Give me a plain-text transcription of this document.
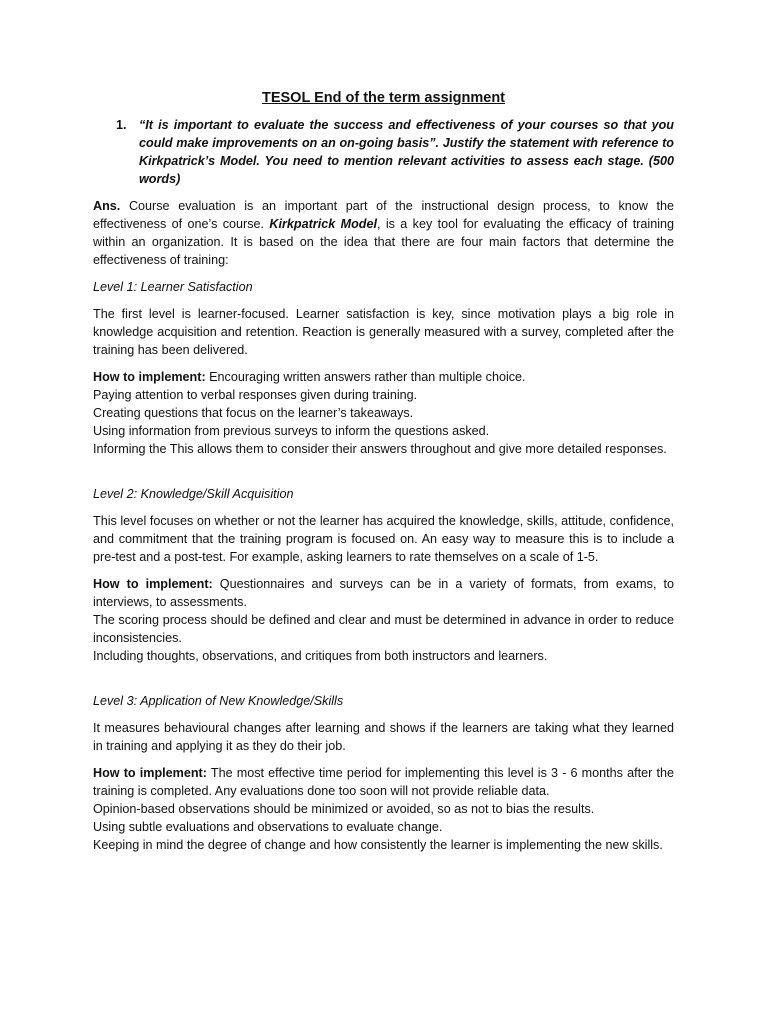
TESOL End of the term assignment
1. “It is important to evaluate the success and effectiveness of your courses so that you could make improvements on an on-going basis”. Justify the statement with reference to Kirkpatrick’s Model. You need to mention relevant activities to assess each stage. (500 words)

Ans. Course evaluation is an important part of the instructional design process, to know the effectiveness of one’s course. Kirkpatrick Model, is a key tool for evaluating the efficacy of training within an organization. It is based on the idea that there are four main factors that determine the effectiveness of training:

Level 1: Learner Satisfaction

The first level is learner-focused. Learner satisfaction is key, since motivation plays a big role in knowledge acquisition and retention. Reaction is generally measured with a survey, completed after the training has been delivered.

How to implement: Encouraging written answers rather than multiple choice.

Paying attention to verbal responses given during training.

Creating questions that focus on the learner’s takeaways.

Using information from previous surveys to inform the questions asked.

Informing the This allows them to consider their answers throughout and give more detailed responses.

Level 2: Knowledge/Skill Acquisition

This level focuses on whether or not the learner has acquired the knowledge, skills, attitude, confidence, and commitment that the training program is focused on. An easy way to measure this is to include a pre-test and a post-test. For example, asking learners to rate themselves on a scale of 1-5.

How to implement: Questionnaires and surveys can be in a variety of formats, from exams, to interviews, to assessments.

The scoring process should be defined and clear and must be determined in advance in order to reduce inconsistencies.

Including thoughts, observations, and critiques from both instructors and learners.

Level 3: Application of New Knowledge/Skills

It measures behavioural changes after learning and shows if the learners are taking what they learned in training and applying it as they do their job.

How to implement: The most effective time period for implementing this level is 3 - 6 months after the training is completed. Any evaluations done too soon will not provide reliable data.

Opinion-based observations should be minimized or avoided, so as not to bias the results.

Using subtle evaluations and observations to evaluate change.

Keeping in mind the degree of change and how consistently the learner is implementing the new skills.
